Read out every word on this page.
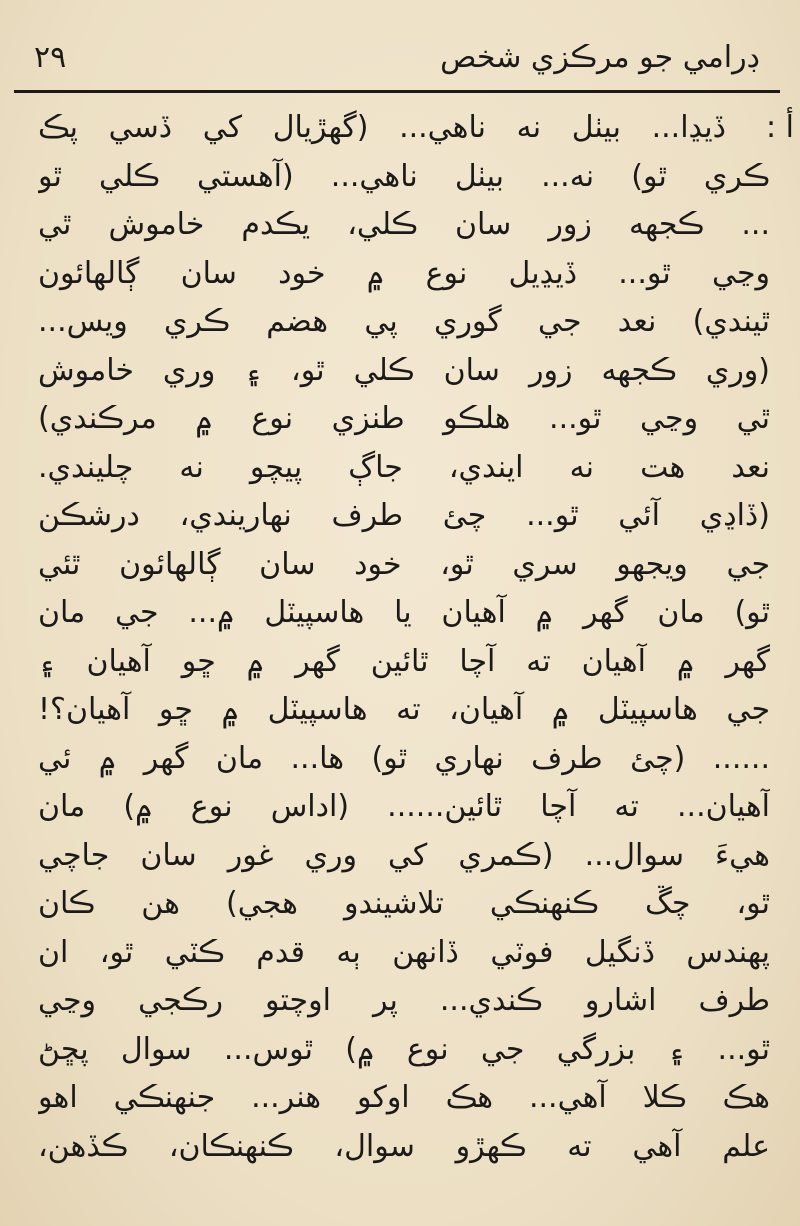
۲۹	ڊرامي جو مرڪزي شخص
أ :
ڏيڍا... بيٺل نه ناهي... (گهڙيال کي ڏسي پڪ
ڪري ٿو) نه... بيٺل ناهي... (آهستي ڪلي ٿو
... ڪجهه زور سان ڪلي، يڪدم خاموش ٿي
وڃي ٿو... ڏيڍيل نوع ۾ خود سان ڳالهائون
ٿيندي) نعد جي گوري پي هضم ڪري ويس...
(وري ڪجهه زور سان ڪلي ٿو، ۽ وري خاموش
ٿي وڃي ٿو... هلڪو طنزي نوع ۾ مرڪندي)
نعد هت نه ايندي، جاڳ پيچو نه چليندي.
(ڏاڍي آئي ٿو... چئ طرف نهاريندي، درشڪن
جي ويجهو سري ٿو، خود سان ڳالهائون ٿئي
ٿو) مان گهر ۾ آهيان يا هاسپيٽل ۾... جي مان
گهر ۾ آهيان ته آچا ٿائين گهر ۾ ڇو آهيان ۽
جي هاسپيٽل ۾ آهيان، ته هاسپيٽل ۾ ڇو آهيان؟!
...... (چئ طرف نهاري ٿو) ها... مان گهر ۾ ئي
آهيان... ته آچا ٿائين...... (اداس نوع ۾) مان
هيءَ سوال... (ڪمري کي وري غور سان جاچي
ٿو، چڱ ڪنهنڪي تلاشيندو هجي) هن ڪان
پهندس ڏنگيل فوٽي ڏانهن ٻه قدم ڪٽي ٿو، ان
طرف اشارو ڪندي... پر اوچتو رڪجي وڃي
ٿو... ۽ بزرگي جي نوع ۾) ٿوس... سوال پڇڻ
هڪ ڪلا آهي... هڪ اوکو هنر... جنهنڪي اهو
علم آهي ته ڪهڙو سوال، ڪنهنڪان، ڪڏهن،
